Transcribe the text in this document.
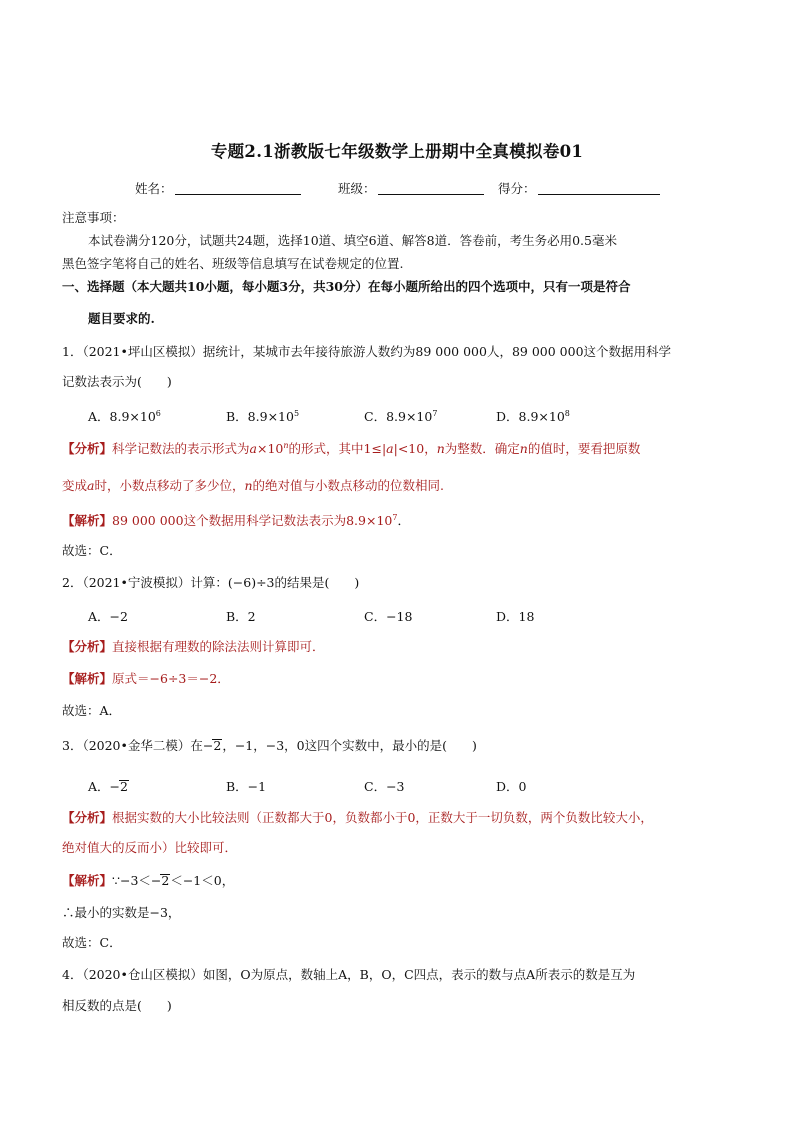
专题2.1浙教版七年级数学上册期中全真模拟卷01
姓名：	班级：	得分：
注意事项：
本试卷满分120分，试题共24题，选择10道、填空6道、解答8道．答卷前，考生务必用0.5毫米
黑色签字笔将自己的姓名、班级等信息填写在试卷规定的位置.
一、选择题（本大题共10小题，每小题3分，共30分）在每小题所给出的四个选项中，只有一项是符合
题目要求的.
1．（2021•坪山区模拟）据统计，某城市去年接待旅游人数约为89 000 000人，89 000 000这个数据用科学
记数法表示为(　　)
A．$8.9\times 10^6$	B．$8.9\times 10^5$	C．$8.9\times 10^7$	D．$8.9\times 10^8$
【分析】科学记数法的表示形式为$a\times 10^n$的形式，其中1≤|a|<10，n为整数．确定n的值时，要看把原数
变成a时，小数点移动了多少位，n的绝对值与小数点移动的位数相同.
【解析】89 000 000这个数据用科学记数法表示为$8.9\times 10^7$．
故选：C．
2．（2021•宁波模拟）计算：(−6)÷3的结果是(　　)
A．−2	B．2	C．−18	D．18
【分析】直接根据有理数的除法法则计算即可．
【解析】原式＝−6÷3＝−2．
故选：A．
3．（2020•金华二模）在−2，−1，−3，0这四个实数中，最小的是(　　)
A．−2	B．−1	C．−3	D．0
【分析】根据实数的大小比较法则（正数都大于0，负数都小于0，正数大于一切负数，两个负数比较大小，
绝对值大的反而小）比较即可．
【解析】∵−3＜−2＜−1＜0，
∴最小的实数是−3，
故选：C．
4．（2020•仓山区模拟）如图，O为原点，数轴上A，B，O，C四点，表示的数与点A所表示的数是互为
相反数的点是(　　)
